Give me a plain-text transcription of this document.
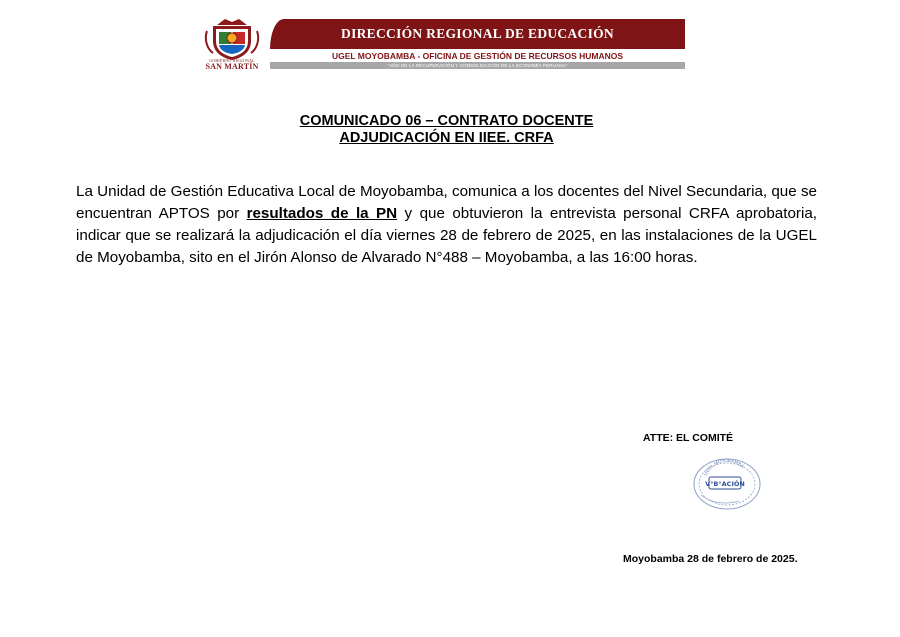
GOBIERNO REGIONAL
SAN MARTÍN
DIRECCIÓN REGIONAL DE EDUCACIÓN
UGEL MOYOBAMBA - OFICINA DE GESTIÓN DE RECURSOS HUMANOS
"AÑO DE LA RECUPERACIÓN Y CONSOLIDACIÓN DE LA ECONOMÍA PERUANA"
COMUNICADO 06 – CONTRATO DOCENTE
ADJUDICACIÓN EN IIEE. CRFA
La Unidad de Gestión Educativa Local de Moyobamba, comunica a los docentes del Nivel Secundaria, que se encuentran APTOS por resultados de la PN y que obtuvieron la entrevista personal CRFA aprobatoria, indicar que se realizará la adjudicación el día viernes 28 de febrero de 2025, en las instalaciones de la UGEL de Moyobamba, sito en el Jirón Alonso de Alvarado N°488 – Moyobamba, a las 16:00 horas.
ATTE: EL COMITÉ
UGEL MOYOBAMBA
V°B°ACIÓN
Moyobamba 28 de febrero de 2025.
